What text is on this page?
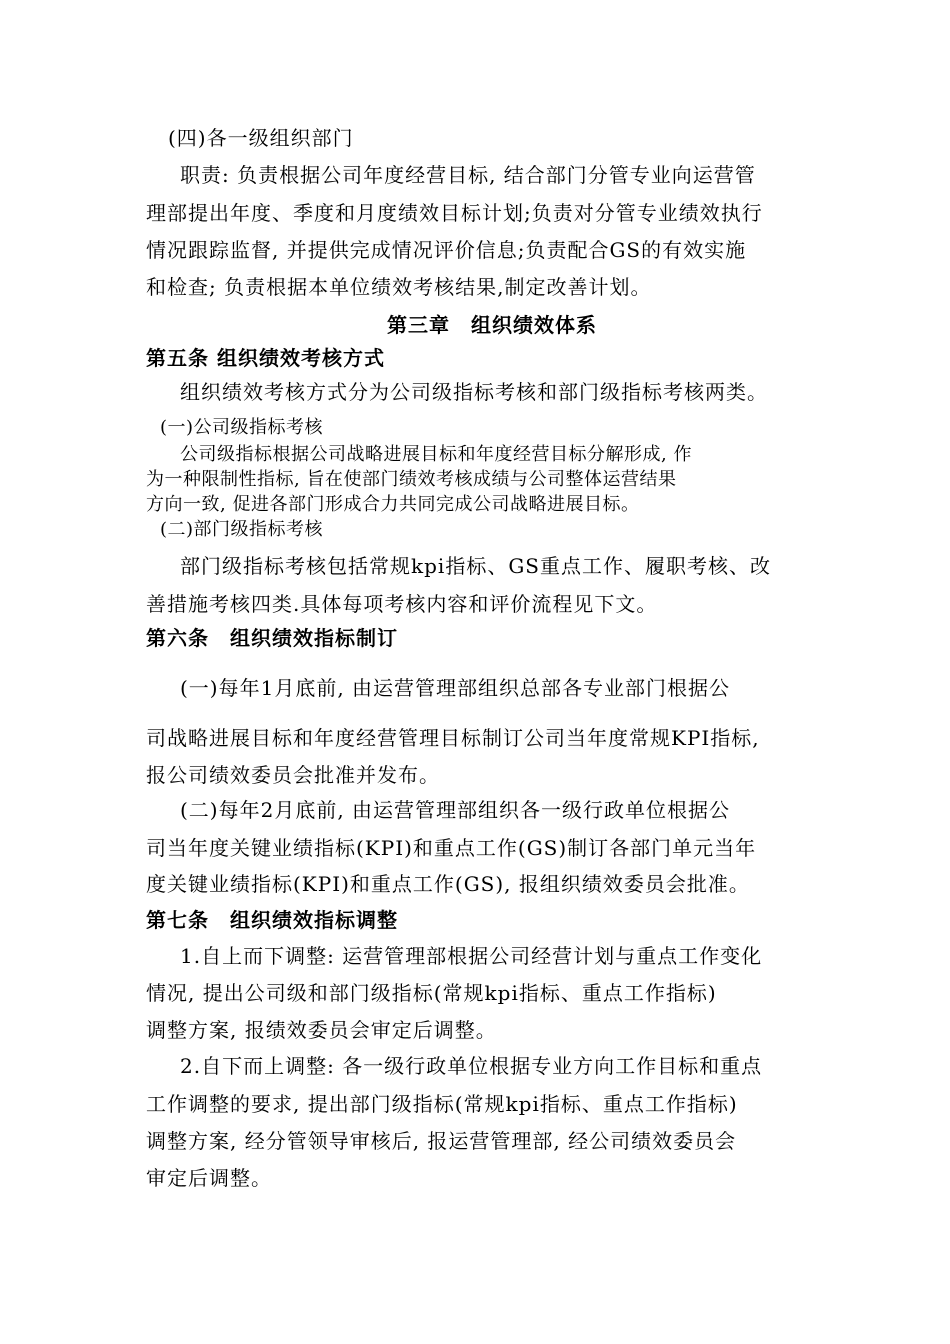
(四)各一级组织部门
职责: 负责根据公司年度经营目标, 结合部门分管专业向运营管
理部提出年度、季度和月度绩效目标计划;负责对分管专业绩效执行
情况跟踪监督, 并提供完成情况评价信息;负责配合GS的有效实施
和检查; 负责根据本单位绩效考核结果,制定改善计划。
第三章　组织绩效体系
第五条 组织绩效考核方式
组织绩效考核方式分为公司级指标考核和部门级指标考核两类。
(一)公司级指标考核
公司级指标根据公司战略进展目标和年度经营目标分解形成, 作
为一种限制性指标, 旨在使部门绩效考核成绩与公司整体运营结果
方向一致, 促进各部门形成合力共同完成公司战略进展目标。
(二)部门级指标考核
部门级指标考核包括常规kpi指标、GS重点工作、履职考核、改
善措施考核四类.具体每项考核内容和评价流程见下文。
第六条　组织绩效指标制订
(一)每年1月底前, 由运营管理部组织总部各专业部门根据公
司战略进展目标和年度经营管理目标制订公司当年度常规KPI指标,
报公司绩效委员会批准并发布。
(二)每年2月底前, 由运营管理部组织各一级行政单位根据公
司当年度关键业绩指标(KPI)和重点工作(GS)制订各部门单元当年
度关键业绩指标(KPI)和重点工作(GS), 报组织绩效委员会批准。
第七条　组织绩效指标调整
1.自上而下调整: 运营管理部根据公司经营计划与重点工作变化
情况, 提出公司级和部门级指标(常规kpi指标、重点工作指标)
调整方案, 报绩效委员会审定后调整。
2.自下而上调整: 各一级行政单位根据专业方向工作目标和重点
工作调整的要求, 提出部门级指标(常规kpi指标、重点工作指标)
调整方案, 经分管领导审核后, 报运营管理部, 经公司绩效委员会
审定后调整。
